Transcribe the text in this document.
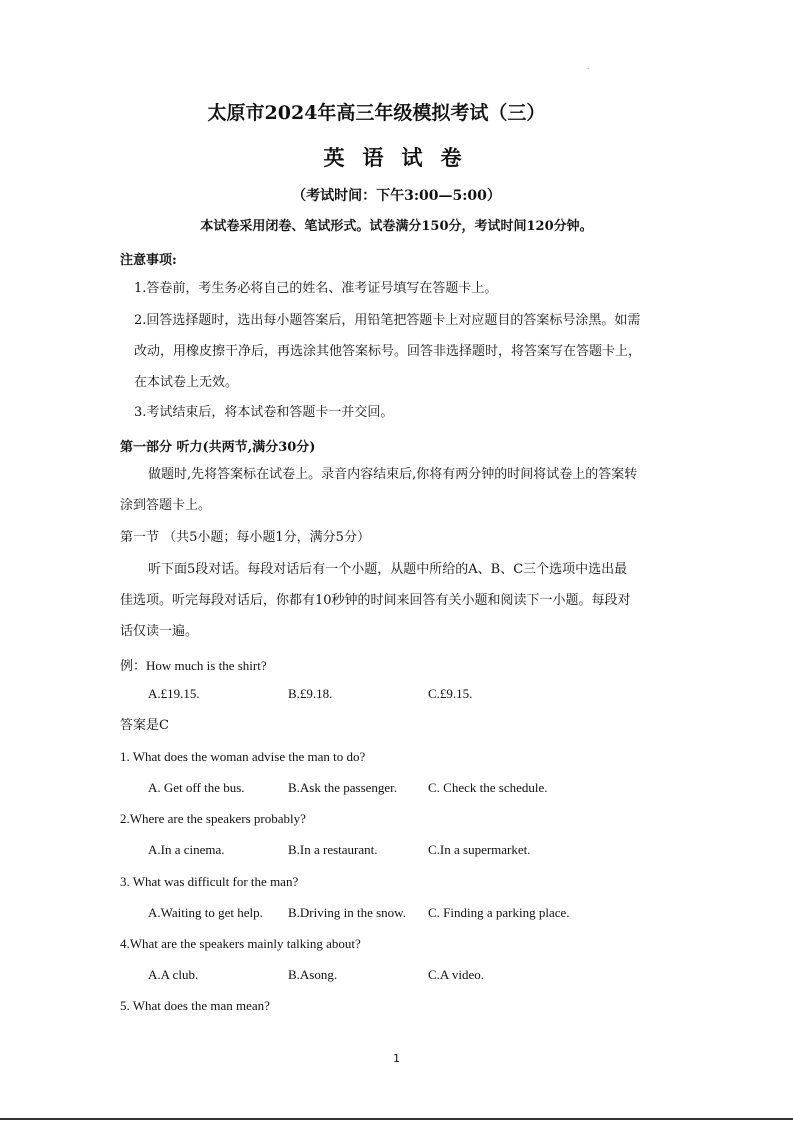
.
太原市2024年高三年级模拟考试（三）
英语试卷
（考试时间：下午3:00—5:00）
本试卷采用闭卷、笔试形式。试卷满分150分，考试时间120分钟。
注意事项:
1.答卷前，考生务必将自己的姓名、准考证号填写在答题卡上。
2.回答选择题时，选出每小题答案后，用铅笔把答题卡上对应题目的答案标号涂黑。如需
改动，用橡皮擦干净后，再选涂其他答案标号。回答非选择题时，将答案写在答题卡上，
在本试卷上无效。
3.考试结束后，将本试卷和答题卡一并交回。
第一部分 听力(共两节,满分30分)
做题时,先将答案标在试卷上。录音内容结束后,你将有两分钟的时间将试卷上的答案转
涂到答题卡上。
第一节 （共5小题；每小题1分，满分5分）
听下面5段对话。每段对话后有一个小题，从题中所给的A、B、C三个选项中选出最
佳选项。听完每段对话后，你都有10秒钟的时间来回答有关小题和阅读下一小题。每段对
话仅读一遍。
例：How much is the shirt?
A.£19.15.	B.£9.18.	C.£9.15.
答案是C
1. What does the woman advise the man to do?
A. Get off the bus.	B.Ask the passenger. C. Check the schedule.
2.Where are the speakers probably?
A.In a cinema.	B.In a restaurant.	C.In a supermarket.
3. What was difficult for the man?
A.Waiting to get help. B.Driving in the snow. C. Finding a parking place.
4.What are the speakers mainly talking about?
A.A club.	B.Asong.	C.A video.
5. What does the man mean?
1
